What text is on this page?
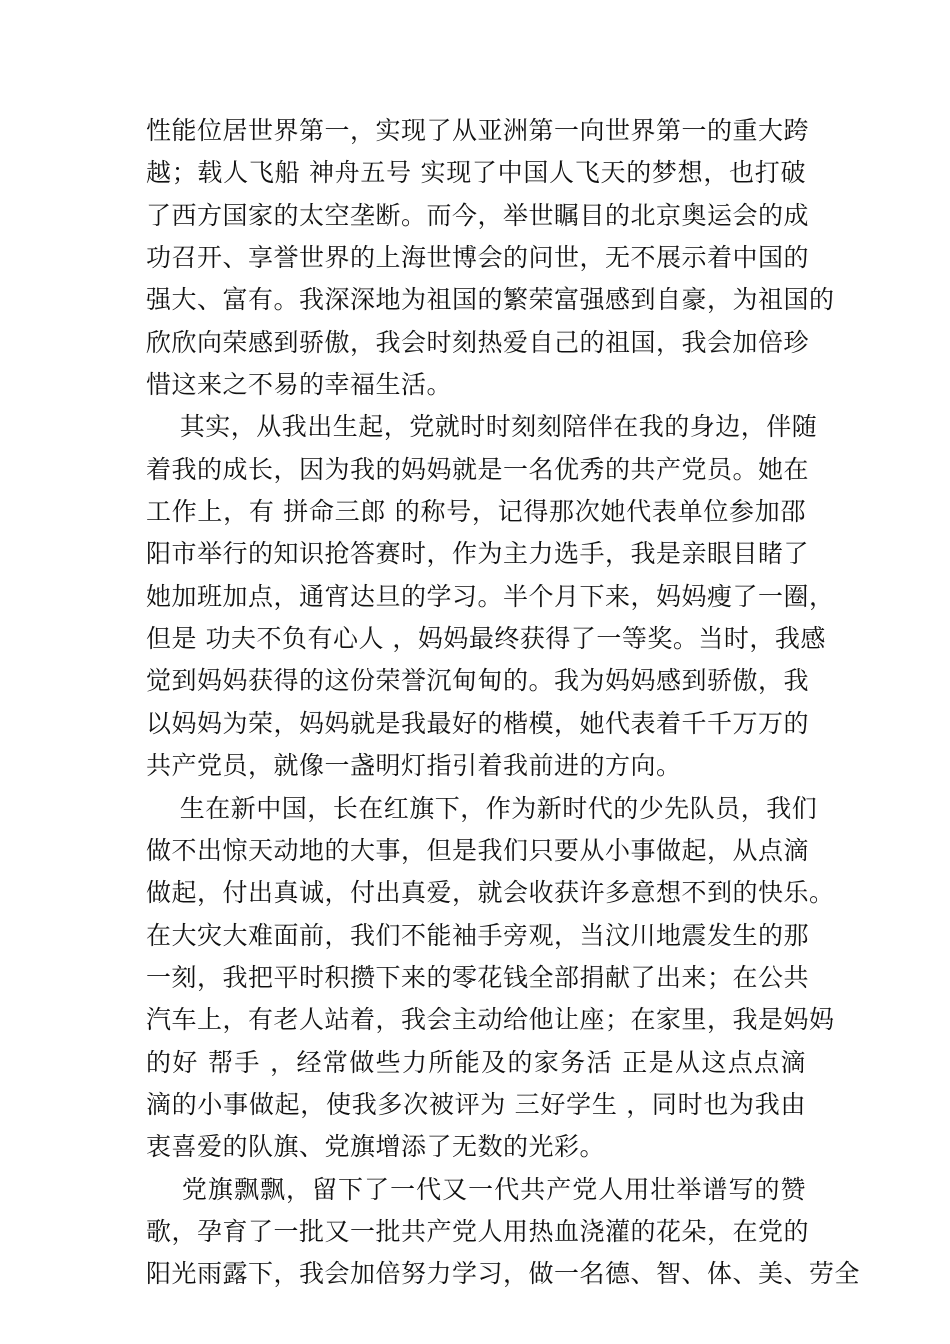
性能位居世界第一，实现了从亚洲第一向世界第一的重大跨
越；载人飞船 神舟五号 实现了中国人飞天的梦想，也打破
了西方国家的太空垄断。而今，举世瞩目的北京奥运会的成
功召开、享誉世界的上海世博会的问世，无不展示着中国的
强大、富有。我深深地为祖国的繁荣富强感到自豪，为祖国的
欣欣向荣感到骄傲，我会时刻热爱自己的祖国，我会加倍珍
惜这来之不易的幸福生活。
其实，从我出生起，党就时时刻刻陪伴在我的身边，伴随
着我的成长，因为我的妈妈就是一名优秀的共产党员。她在
工作上，有 拼命三郎 的称号，记得那次她代表单位参加邵
阳市举行的知识抢答赛时，作为主力选手，我是亲眼目睹了
她加班加点，通宵达旦的学习。半个月下来，妈妈瘦了一圈，
但是 功夫不负有心人 ，妈妈最终获得了一等奖。当时，我感
觉到妈妈获得的这份荣誉沉甸甸的。我为妈妈感到骄傲，我
以妈妈为荣，妈妈就是我最好的楷模，她代表着千千万万的
共产党员，就像一盏明灯指引着我前进的方向。
生在新中国，长在红旗下，作为新时代的少先队员，我们
做不出惊天动地的大事，但是我们只要从小事做起，从点滴
做起，付出真诚，付出真爱，就会收获许多意想不到的快乐。
在大灾大难面前，我们不能袖手旁观，当汶川地震发生的那
一刻，我把平时积攒下来的零花钱全部捐献了出来；在公共
汽车上，有老人站着，我会主动给他让座；在家里，我是妈妈
的好 帮手 ，经常做些力所能及的家务活 正是从这点点滴
滴的小事做起，使我多次被评为 三好学生 ，同时也为我由
衷喜爱的队旗、党旗增添了无数的光彩。
党旗飘飘，留下了一代又一代共产党人用壮举谱写的赞
歌，孕育了一批又一批共产党人用热血浇灌的花朵，在党的
阳光雨露下，我会加倍努力学习，做一名德、智、体、美、劳全
